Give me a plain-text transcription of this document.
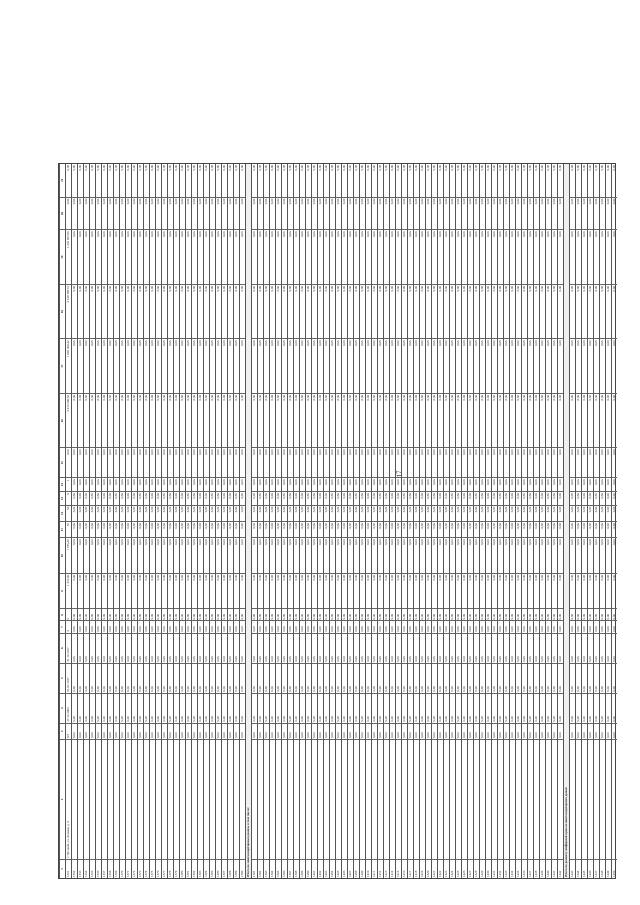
17
1
2
3
4
5
6
7
8
9
10
11
12
13
14
15
16
17
18
19
20
21
1361
г. Чусовой, ул. Ленина, д. 4
9/5
27.12.2006
01.01.2017
31.12.2017
4
6
1 373,00
1 185,40
70
60
0
1
0,00
4 473 300,66
1 895 309,42
4 328 388,61
1 256 957,00
0,00
0,00
1362
0,00
0,00
0,00
0,00
0,00
0,00
0,00
0,00
0,00
0,00
0,00
0,00
0,00
0,00
0,00
0,00
0,00
0,00
0,00
1363
0,00
0,00
0,00
0,00
0,00
0,00
0,00
0,00
0,00
0,00
0,00
0,00
0,00
0,00
0,00
0,00
0,00
0,00
0,00
1364
0,00
0,00
0,00
0,00
0,00
0,00
0,00
0,00
0,00
0,00
0,00
0,00
0,00
0,00
0,00
0,00
0,00
0,00
0,00
1365
0,00
0,00
0,00
0,00
0,00
0,00
0,00
0,00
0,00
0,00
0,00
0,00
0,00
0,00
0,00
0,00
0,00
0,00
0,00
1366
0,00
0,00
0,00
0,00
0,00
0,00
0,00
0,00
0,00
0,00
0,00
0,00
0,00
0,00
0,00
0,00
0,00
0,00
0,00
1367
0,00
0,00
0,00
0,00
0,00
0,00
0,00
0,00
0,00
0,00
0,00
0,00
0,00
0,00
0,00
0,00
0,00
0,00
0,00
1368
0,00
0,00
0,00
0,00
0,00
0,00
0,00
0,00
0,00
0,00
0,00
0,00
0,00
0,00
0,00
0,00
0,00
0,00
0,00
1369
0,00
0,00
0,00
0,00
0,00
0,00
0,00
0,00
0,00
0,00
0,00
0,00
0,00
0,00
0,00
0,00
0,00
0,00
0,00
1370
0,00
0,00
0,00
0,00
0,00
0,00
0,00
0,00
0,00
0,00
0,00
0,00
0,00
0,00
0,00
0,00
0,00
0,00
0,00
1371
0,00
0,00
0,00
0,00
0,00
0,00
0,00
0,00
0,00
0,00
0,00
0,00
0,00
0,00
0,00
0,00
0,00
0,00
0,00
1372
0,00
0,00
0,00
0,00
0,00
0,00
0,00
0,00
0,00
0,00
0,00
0,00
0,00
0,00
0,00
0,00
0,00
0,00
0,00
1373
0,00
0,00
0,00
0,00
0,00
0,00
0,00
0,00
0,00
0,00
0,00
0,00
0,00
0,00
0,00
0,00
0,00
0,00
0,00
1374
0,00
0,00
0,00
0,00
0,00
0,00
0,00
0,00
0,00
0,00
0,00
0,00
0,00
0,00
0,00
0,00
0,00
0,00
0,00
1375
0,00
0,00
0,00
0,00
0,00
0,00
0,00
0,00
0,00
0,00
0,00
0,00
0,00
0,00
0,00
0,00
0,00
0,00
0,00
1376
0,00
0,00
0,00
0,00
0,00
0,00
0,00
0,00
0,00
0,00
0,00
0,00
0,00
0,00
0,00
0,00
0,00
0,00
0,00
1377
0,00
0,00
0,00
0,00
0,00
0,00
0,00
0,00
0,00
0,00
0,00
0,00
0,00
0,00
0,00
0,00
0,00
0,00
0,00
1378
0,00
0,00
0,00
0,00
0,00
0,00
0,00
0,00
0,00
0,00
0,00
0,00
0,00
0,00
0,00
0,00
0,00
0,00
0,00
1379
0,00
0,00
0,00
0,00
0,00
0,00
0,00
0,00
0,00
0,00
0,00
0,00
0,00
0,00
0,00
0,00
0,00
0,00
0,00
1380
0,00
0,00
0,00
0,00
0,00
0,00
0,00
0,00
0,00
0,00
0,00
0,00
0,00
0,00
0,00
0,00
0,00
0,00
0,00
1381
0,00
0,00
0,00
0,00
0,00
0,00
0,00
0,00
0,00
0,00
0,00
0,00
0,00
0,00
0,00
0,00
0,00
0,00
0,00
1382
0,00
0,00
0,00
0,00
0,00
0,00
0,00
0,00
0,00
0,00
0,00
0,00
0,00
0,00
0,00
0,00
0,00
0,00
0,00
1383
0,00
0,00
0,00
0,00
0,00
0,00
0,00
0,00
0,00
0,00
0,00
0,00
0,00
0,00
0,00
0,00
0,00
0,00
0,00
1384
0,00
0,00
0,00
0,00
0,00
0,00
0,00
0,00
0,00
0,00
0,00
0,00
0,00
0,00
0,00
0,00
0,00
0,00
0,00
1385
0,00
0,00
0,00
0,00
0,00
0,00
0,00
0,00
0,00
0,00
0,00
0,00
0,00
0,00
0,00
0,00
0,00
0,00
0,00
1386
0,00
0,00
0,00
0,00
0,00
0,00
0,00
0,00
0,00
0,00
0,00
0,00
0,00
0,00
0,00
0,00
0,00
0,00
0,00
1387
0,00
0,00
0,00
0,00
0,00
0,00
0,00
0,00
0,00
0,00
0,00
0,00
0,00
0,00
0,00
0,00
0,00
0,00
0,00
1388
0,00
0,00
0,00
0,00
0,00
0,00
0,00
0,00
0,00
0,00
0,00
0,00
0,00
0,00
0,00
0,00
0,00
0,00
0,00
1389
0,00
0,00
0,00
0,00
0,00
0,00
0,00
0,00
0,00
0,00
0,00
0,00
0,00
0,00
0,00
0,00
0,00
0,00
0,00
1390
0,00
0,00
0,00
0,00
0,00
0,00
0,00
0,00
0,00
0,00
0,00
0,00
0,00
0,00
0,00
0,00
0,00
0,00
0,00
Итого по многоквартирным домам, в том числе: 1391
0,00
0,00
0,00
0,00
0,00
0,00
0,00
0,00
0,00
0,00
0,00
0,00
0,00
0,00
0,00
0,00
0,00
0,00
0,00
1392
0,00
0,00
0,00
0,00
0,00
0,00
0,00
0,00
0,00
0,00
0,00
0,00
0,00
0,00
0,00
0,00
0,00
0,00
0,00
1393
0,00
0,00
0,00
0,00
0,00
0,00
0,00
0,00
0,00
0,00
0,00
0,00
0,00
0,00
0,00
0,00
0,00
0,00
0,00
1394
0,00
0,00
0,00
0,00
0,00
0,00
0,00
0,00
0,00
0,00
0,00
0,00
0,00
0,00
0,00
0,00
0,00
0,00
0,00
1395
0,00
0,00
0,00
0,00
0,00
0,00
0,00
0,00
0,00
0,00
0,00
0,00
0,00
0,00
0,00
0,00
0,00
0,00
0,00
1396
0,00
0,00
0,00
0,00
0,00
0,00
0,00
0,00
0,00
0,00
0,00
0,00
0,00
0,00
0,00
0,00
0,00
0,00
0,00
1397
0,00
0,00
0,00
0,00
0,00
0,00
0,00
0,00
0,00
0,00
0,00
0,00
0,00
0,00
0,00
0,00
0,00
0,00
0,00
1398
0,00
0,00
0,00
0,00
0,00
0,00
0,00
0,00
0,00
0,00
0,00
0,00
0,00
0,00
0,00
0,00
0,00
0,00
0,00
1399
0,00
0,00
0,00
0,00
0,00
0,00
0,00
0,00
0,00
0,00
0,00
0,00
0,00
0,00
0,00
0,00
0,00
0,00
0,00
1400
0,00
0,00
0,00
0,00
0,00
0,00
0,00
0,00
0,00
0,00
0,00
0,00
0,00
0,00
0,00
0,00
0,00
0,00
0,00
1401
0,00
0,00
0,00
0,00
0,00
0,00
0,00
0,00
0,00
0,00
0,00
0,00
0,00
0,00
0,00
0,00
0,00
0,00
0,00
1402
0,00
0,00
0,00
0,00
0,00
0,00
0,00
0,00
0,00
0,00
0,00
0,00
0,00
0,00
0,00
0,00
0,00
0,00
0,00
1403
0,00
0,00
0,00
0,00
0,00
0,00
0,00
0,00
0,00
0,00
0,00
0,00
0,00
0,00
0,00
0,00
0,00
0,00
0,00
1404
0,00
0,00
0,00
0,00
0,00
0,00
0,00
0,00
0,00
0,00
0,00
0,00
0,00
0,00
0,00
0,00
0,00
0,00
0,00
1405
0,00
0,00
0,00
0,00
0,00
0,00
0,00
0,00
0,00
0,00
0,00
0,00
0,00
0,00
0,00
0,00
0,00
0,00
0,00
1406
0,00
0,00
0,00
0,00
0,00
0,00
0,00
0,00
0,00
0,00
0,00
0,00
0,00
0,00
0,00
0,00
0,00
0,00
0,00
1407
0,00
0,00
0,00
0,00
0,00
0,00
0,00
0,00
0,00
0,00
0,00
0,00
0,00
0,00
0,00
0,00
0,00
0,00
0,00
1408
0,00
0,00
0,00
0,00
0,00
0,00
0,00
0,00
0,00
0,00
0,00
0,00
0,00
0,00
0,00
0,00
0,00
0,00
0,00
1409
0,00
0,00
0,00
0,00
0,00
0,00
0,00
0,00
0,00
0,00
0,00
0,00
0,00
0,00
0,00
0,00
0,00
0,00
0,00
1410
0,00
0,00
0,00
0,00
0,00
0,00
0,00
0,00
0,00
0,00
0,00
0,00
0,00
0,00
0,00
0,00
0,00
0,00
0,00
1411
0,00
0,00
0,00
0,00
0,00
0,00
0,00
0,00
0,00
0,00
0,00
0,00
0,00
0,00
0,00
0,00
0,00
0,00
0,00
1412
0,00
0,00
0,00
0,00
0,00
0,00
0,00
0,00
0,00
0,00
0,00
0,00
0,00
0,00
0,00
0,00
0,00
0,00
0,00
1413
0,00
0,00
0,00
0,00
0,00
0,00
0,00
0,00
0,00
0,00
0,00
0,00
0,00
0,00
0,00
0,00
0,00
0,00
0,00
1414
0,00
0,00
0,00
0,00
0,00
0,00
0,00
0,00
0,00
0,00
0,00
0,00
0,00
0,00
0,00
0,00
0,00
0,00
0,00
1415
0,00
0,00
0,00
0,00
0,00
0,00
0,00
0,00
0,00
0,00
0,00
0,00
0,00
0,00
0,00
0,00
0,00
0,00
0,00
1416
0,00
0,00
0,00
0,00
0,00
0,00
0,00
0,00
0,00
0,00
0,00
0,00
0,00
0,00
0,00
0,00
0,00
0,00
0,00
1417
0,00
0,00
0,00
0,00
0,00
0,00
0,00
0,00
0,00
0,00
0,00
0,00
0,00
0,00
0,00
0,00
0,00
0,00
0,00
1418
0,00
0,00
0,00
0,00
0,00
0,00
0,00
0,00
0,00
0,00
0,00
0,00
0,00
0,00
0,00
0,00
0,00
0,00
0,00
1419
0,00
0,00
0,00
0,00
0,00
0,00
0,00
0,00
0,00
0,00
0,00
0,00
0,00
0,00
0,00
0,00
0,00
0,00
0,00
1420
0,00
0,00
0,00
0,00
0,00
0,00
0,00
0,00
0,00
0,00
0,00
0,00
0,00
0,00
0,00
0,00
0,00
0,00
0,00
1421
0,00
0,00
0,00
0,00
0,00
0,00
0,00
0,00
0,00
0,00
0,00
0,00
0,00
0,00
0,00
0,00
0,00
0,00
0,00
1422
0,00
0,00
0,00
0,00
0,00
0,00
0,00
0,00
0,00
0,00
0,00
0,00
0,00
0,00
0,00
0,00
0,00
0,00
0,00
1423
0,00
0,00
0,00
0,00
0,00
0,00
0,00
0,00
0,00
0,00
0,00
0,00
0,00
0,00
0,00
0,00
0,00
0,00
0,00
1424
0,00
0,00
0,00
0,00
0,00
0,00
0,00
0,00
0,00
0,00
0,00
0,00
0,00
0,00
0,00
0,00
0,00
0,00
0,00
1425
0,00
0,00
0,00
0,00
0,00
0,00
0,00
0,00
0,00
0,00
0,00
0,00
0,00
0,00
0,00
0,00
0,00
0,00
0,00
1426
0,00
0,00
0,00
0,00
0,00
0,00
0,00
0,00
0,00
0,00
0,00
0,00
0,00
0,00
0,00
0,00
0,00
0,00
0,00
1427
0,00
0,00
0,00
0,00
0,00
0,00
0,00
0,00
0,00
0,00
0,00
0,00
0,00
0,00
0,00
0,00
0,00
0,00
0,00
1428
0,00
0,00
0,00
0,00
0,00
0,00
0,00
0,00
0,00
0,00
0,00
0,00
0,00
0,00
0,00
0,00
0,00
0,00
0,00
1429
0,00
0,00
0,00
0,00
0,00
0,00
0,00
0,00
0,00
0,00
0,00
0,00
0,00
0,00
0,00
0,00
0,00
0,00
0,00
1430
0,00
0,00
0,00
0,00
0,00
0,00
0,00
0,00
0,00
0,00
0,00
0,00
0,00
0,00
0,00
0,00
0,00
0,00
0,00
1431
0,00
0,00
0,00
0,00
0,00
0,00
0,00
0,00
0,00
0,00
0,00
0,00
0,00
0,00
0,00
0,00
0,00
0,00
0,00
1432
0,00
0,00
0,00
0,00
0,00
0,00
0,00
0,00
0,00
0,00
0,00
0,00
0,00
0,00
0,00
0,00
0,00
0,00
0,00
1433
0,00
0,00
0,00
0,00
0,00
0,00
0,00
0,00
0,00
0,00
0,00
0,00
0,00
0,00
0,00
0,00
0,00
0,00
0,00
1434
0,00
0,00
0,00
0,00
0,00
0,00
0,00
0,00
0,00
0,00
0,00
0,00
0,00
0,00
0,00
0,00
0,00
0,00
0,00
1435
0,00
0,00
0,00
0,00
0,00
0,00
0,00
0,00
0,00
0,00
0,00
0,00
0,00
0,00
0,00
0,00
0,00
0,00
0,00
1436
0,00
0,00
0,00
0,00
0,00
0,00
0,00
0,00
0,00
0,00
0,00
0,00
0,00
0,00
0,00
0,00
0,00
0,00
0,00
1437
0,00
0,00
0,00
0,00
0,00
0,00
0,00
0,00
0,00
0,00
0,00
0,00
0,00
0,00
0,00
0,00
0,00
0,00
0,00
1438
0,00
0,00
0,00
0,00
0,00
0,00
0,00
0,00
0,00
0,00
0,00
0,00
0,00
0,00
0,00
0,00
0,00
0,00
0,00
1439
0,00
0,00
0,00
0,00
0,00
0,00
0,00
0,00
0,00
0,00
0,00
0,00
0,00
0,00
0,00
0,00
0,00
0,00
0,00
1440
0,00
0,00
0,00
0,00
0,00
0,00
0,00
0,00
0,00
0,00
0,00
0,00
0,00
0,00
0,00
0,00
0,00
0,00
0,00
1441
0,00
0,00
0,00
0,00
0,00
0,00
0,00
0,00
0,00
0,00
0,00
0,00
0,00
0,00
0,00
0,00
0,00
0,00
0,00
1442
0,00
0,00
0,00
0,00
0,00
0,00
0,00
0,00
0,00
0,00
0,00
0,00
0,00
0,00
0,00
0,00
0,00
0,00
0,00
Итого по ремонту шиферной кровли многоквартирных домов: 1443
0,00
0,00
0,00
0,00
0,00
0,00
0,00
0,00
0,00
0,00
0,00
0,00
0,00
0,00
0,00
0,00
0,00
0,00
0,00
1444
0,00
0,00
0,00
0,00
0,00
0,00
0,00
0,00
0,00
0,00
0,00
0,00
0,00
0,00
0,00
0,00
0,00
0,00
0,00
1445
0,00
0,00
0,00
0,00
0,00
0,00
0,00
0,00
0,00
0,00
0,00
0,00
0,00
0,00
0,00
0,00
0,00
0,00
0,00
1446
0,00
0,00
0,00
0,00
0,00
0,00
0,00
0,00
0,00
0,00
0,00
0,00
0,00
0,00
0,00
0,00
0,00
0,00
0,00
1447
0,00
0,00
0,00
0,00
0,00
0,00
0,00
0,00
0,00
0,00
0,00
0,00
0,00
0,00
0,00
0,00
0,00
0,00
0,00
1448
0,00
0,00
0,00
0,00
0,00
0,00
0,00
0,00
0,00
0,00
0,00
0,00
0,00
0,00
0,00
0,00
0,00
0,00
0,00
1449
0,00
0,00
0,00
0,00
0,00
0,00
0,00
0,00
0,00
0,00
0,00
0,00
0,00
0,00
0,00
0,00
0,00
0,00
0,00
1450
0,00
0,00
0,00
0,00
0,00
0,00
0,00
0,00
0,00
0,00
0,00
0,00
0,00
0,00
0,00
0,00
0,00
0,00
0,00
